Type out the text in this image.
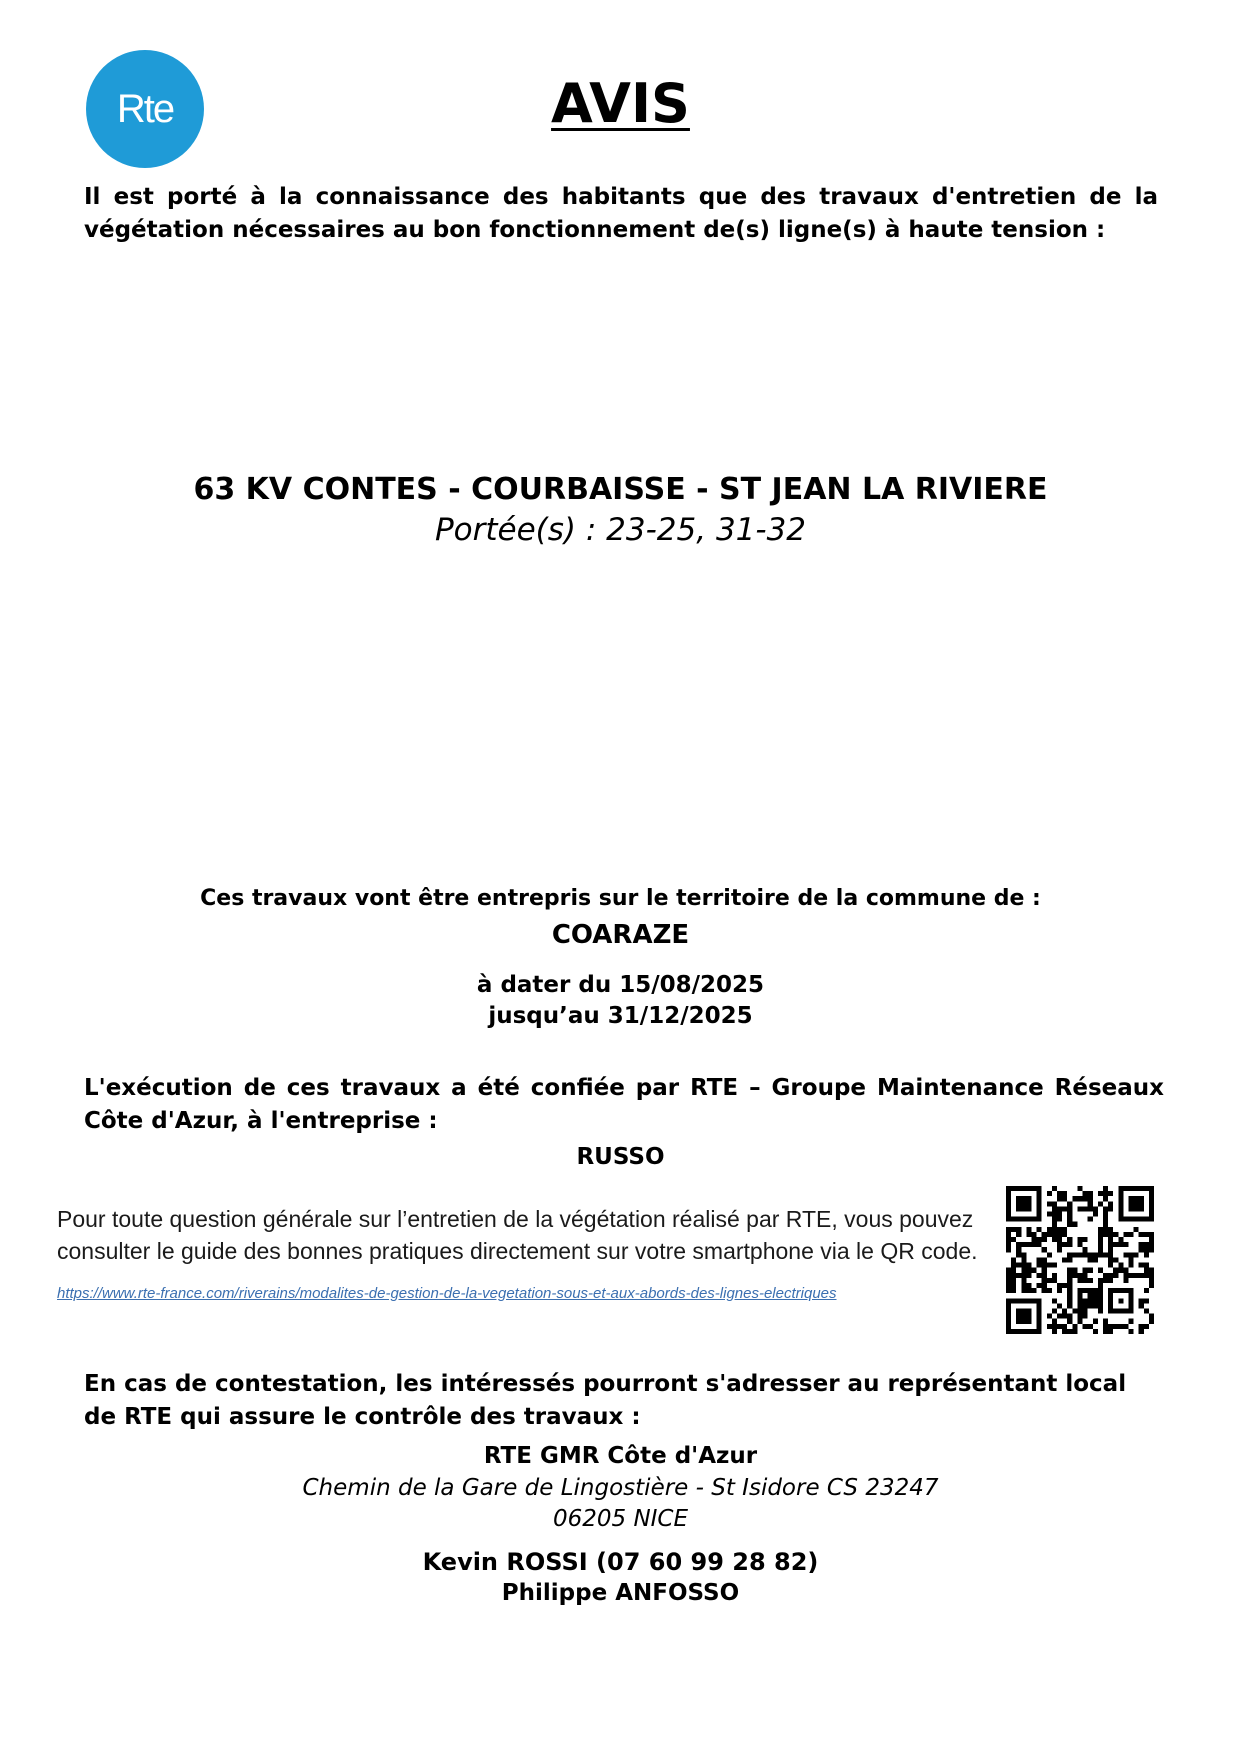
Rte	AVIS
Il est porté à la connaissance des habitants que des travaux d'entretien de la végétation nécessaires au bon fonctionnement de(s) ligne(s) à haute tension :
63 KV CONTES - COURBAISSE - ST JEAN LA RIVIERE
Portée(s) : 23-25, 31-32
Ces travaux vont être entrepris sur le territoire de la commune de :
COARAZE
à dater du 15/08/2025
jusqu’au 31/12/2025
L'exécution de ces travaux a été confiée par RTE – Groupe Maintenance Réseaux Côte d'Azur, à l'entreprise :
RUSSO
Pour toute question générale sur l’entretien de la végétation réalisé par RTE, vous pouvez consulter le guide des bonnes pratiques directement sur votre smartphone via le QR code.
https://www.rte-france.com/riverains/modalites-de-gestion-de-la-vegetation-sous-et-aux-abords-des-lignes-electriques
En cas de contestation, les intéressés pourront s'adresser au représentant local de RTE qui assure le contrôle des travaux :
RTE GMR Côte d'Azur
Chemin de la Gare de Lingostière - St Isidore CS 23247
06205 NICE
Kevin ROSSI (07 60 99 28 82)
Philippe ANFOSSO
